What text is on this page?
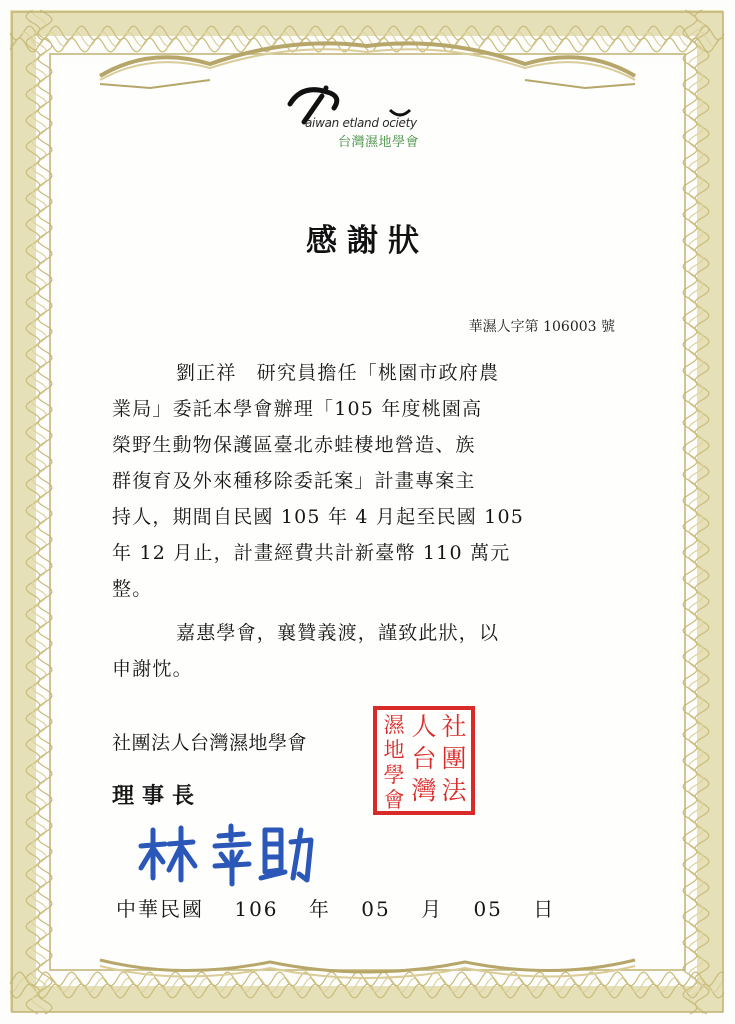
aiwan etland ociety
台灣濕地學會
感謝狀
華濕人字第 106003 號
劉正祥　研究員擔任「桃園市政府農
業局」委託本學會辦理「105 年度桃園高
榮野生動物保護區臺北赤蛙棲地營造、族
群復育及外來種移除委託案」計畫專案主
持人，期間自民國 105 年 4 月起至民國 105
年 12 月止，計畫經費共計新臺幣 110 萬元
整。
嘉惠學會，襄贊義渡，謹致此狀，以
申謝忱。
社團法人台灣濕地學會
理事長
社
團
法
人
台
灣
濕
地
學
會
中華民國 106 年 05 月 05 日
